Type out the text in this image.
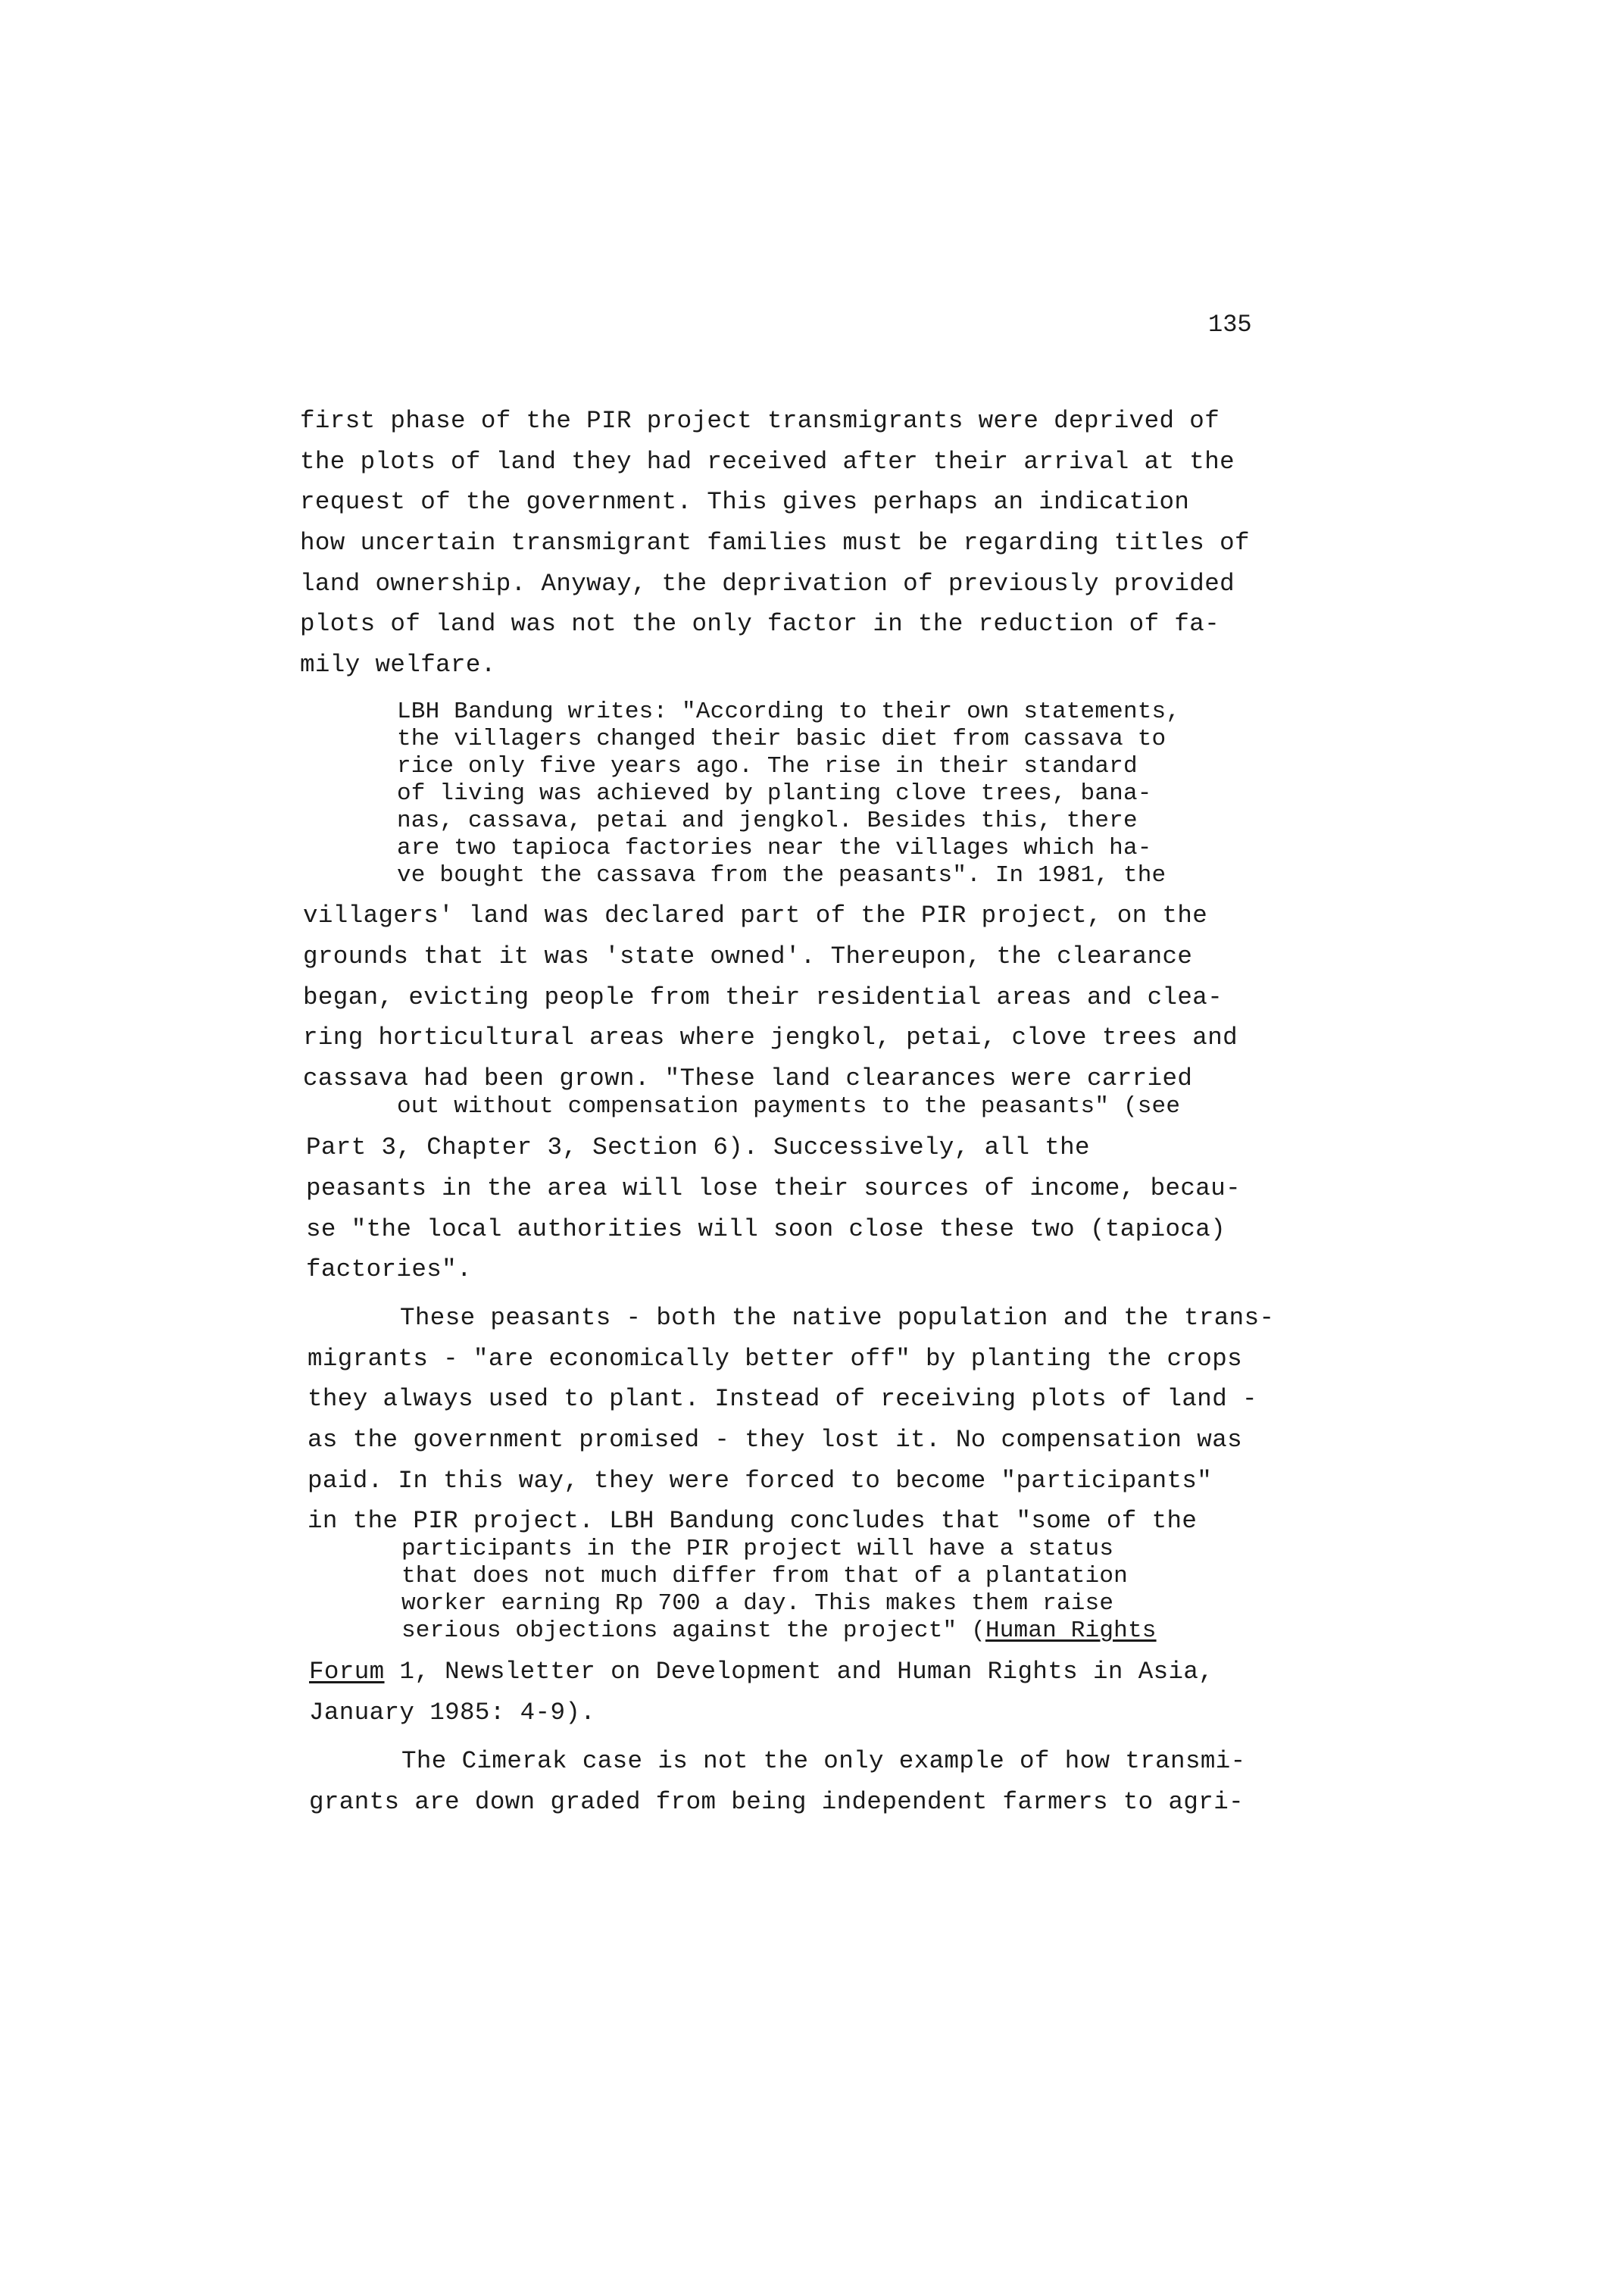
135
first phase of the PIR project transmigrants were deprived of
the plots of land they had received after their arrival at the
request of the government. This gives perhaps an indication
how uncertain transmigrant families must be regarding titles of
land ownership. Anyway, the deprivation of previously provided
plots of land was not the only factor in the reduction of fa-
mily welfare.
LBH Bandung writes: "According to their own statements,
the villagers changed their basic diet from cassava to
rice only five years ago. The rise in their standard
of living was achieved by planting clove trees, bana-
nas, cassava, petai and jengkol. Besides this, there
are two tapioca factories near the villages which ha-
ve bought the cassava from the peasants". In 1981, the
villagers' land was declared part of the PIR project, on the
grounds that it was 'state owned'. Thereupon, the clearance
began, evicting people from their residential areas and clea-
ring horticultural areas where jengkol, petai, clove trees and
cassava had been grown. "These land clearances were carried
out without compensation payments to the peasants" (see
Part 3, Chapter 3, Section 6). Successively, all the
peasants in the area will lose their sources of income, becau-
se "the local authorities will soon close these two (tapioca)
factories".
These peasants - both the native population and the trans-
migrants - "are economically better off" by planting the crops
they always used to plant. Instead of receiving plots of land -
as the government promised - they lost it. No compensation was
paid. In this way, they were forced to become "participants"
in the PIR project. LBH Bandung concludes that "some of the
participants in the PIR project will have a status
that does not much differ from that of a plantation
worker earning Rp 700 a day. This makes them raise
serious objections against the project" (Human Rights
Forum 1, Newsletter on Development and Human Rights in Asia,
January 1985: 4-9).
The Cimerak case is not the only example of how transmi-
grants are down graded from being independent farmers to agri-
